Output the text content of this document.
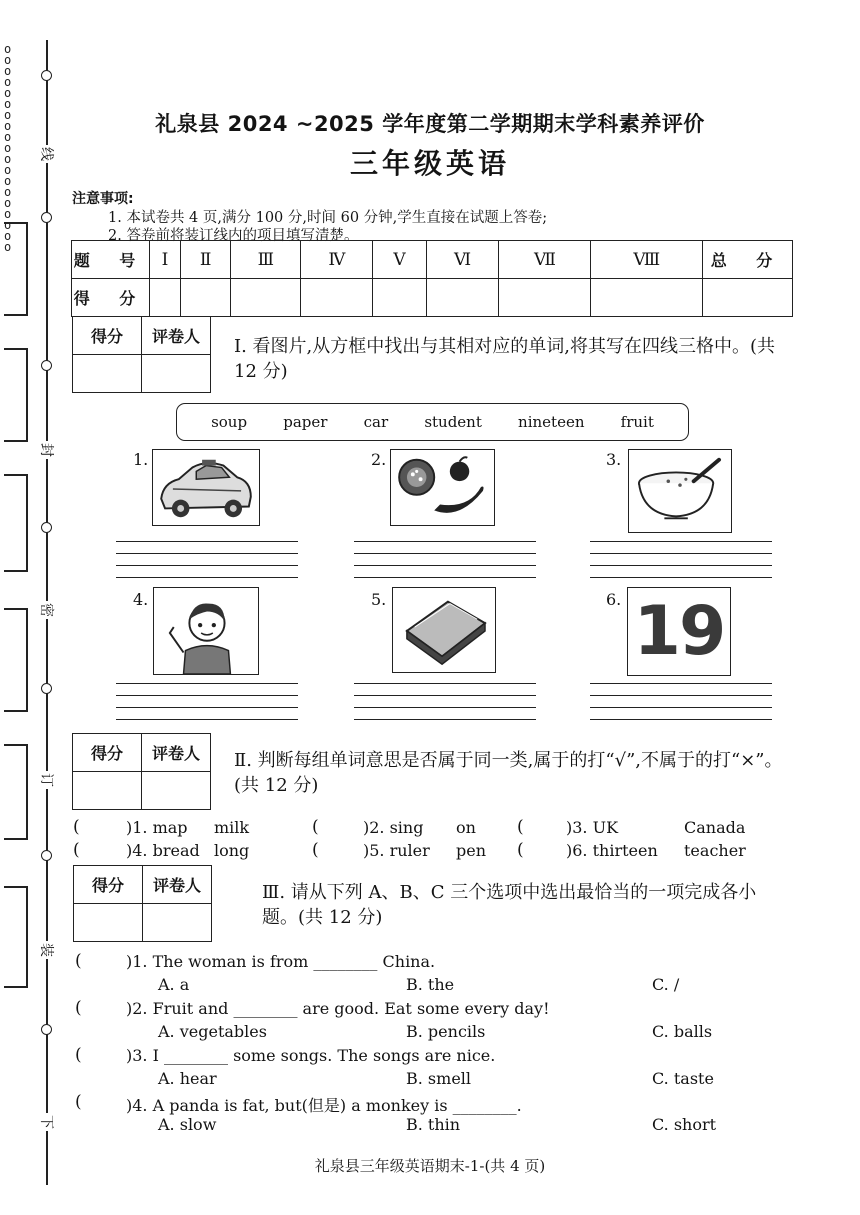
ooooooooooooooooooo
线
封
密
订
装
下
礼泉县 2024 ~2025 学年度第二学期期末学科素养评价
三年级英语
注意事项:
1. 本试卷共 4 页,满分 100 分,时间 60 分钟,学生直接在试题上答卷;
2. 答卷前将装订线内的项目填写清楚。
题 号	I	Ⅱ	Ⅲ	Ⅳ	Ⅴ	Ⅵ	Ⅶ	Ⅷ	总 分
得 分									
得分	评卷人
	Ⅰ. 看图片,从方框中找出与其相对应的单词,将其写在四线三格中。(共 12 分)
soup paper car student nineteen fruit
1.	2.	3.
4.	5.	6. 19
得分	评卷人
	Ⅱ. 判断每组单词意思是否属于同一类,属于的打“√”,不属于的打“×”。(共 12 分)
(	)1. map milk	(	)2. sing on (	)3. UK	Canada
(	)4. bread long	(	)5. ruler pen (	)6. thirteen teacher
得分	评卷人
		Ⅲ. 请从下列 A、B、C 三个选项中选出最恰当的一项完成各小题。(共 12 分)
(	)1. The woman is from ________ China.
A. a	B. the	C. /
(	)2. Fruit and ________ are good. Eat some every day!
A. vegetables	B. pencils	C. balls
(	)3. I ________ some songs. The songs are nice.
A. hear	B. smell	C. taste
(	)4. A panda is fat, but(但是) a monkey is ________.
A. slow	B. thin	C. short
礼泉县三年级英语期末-1-(共 4 页)
